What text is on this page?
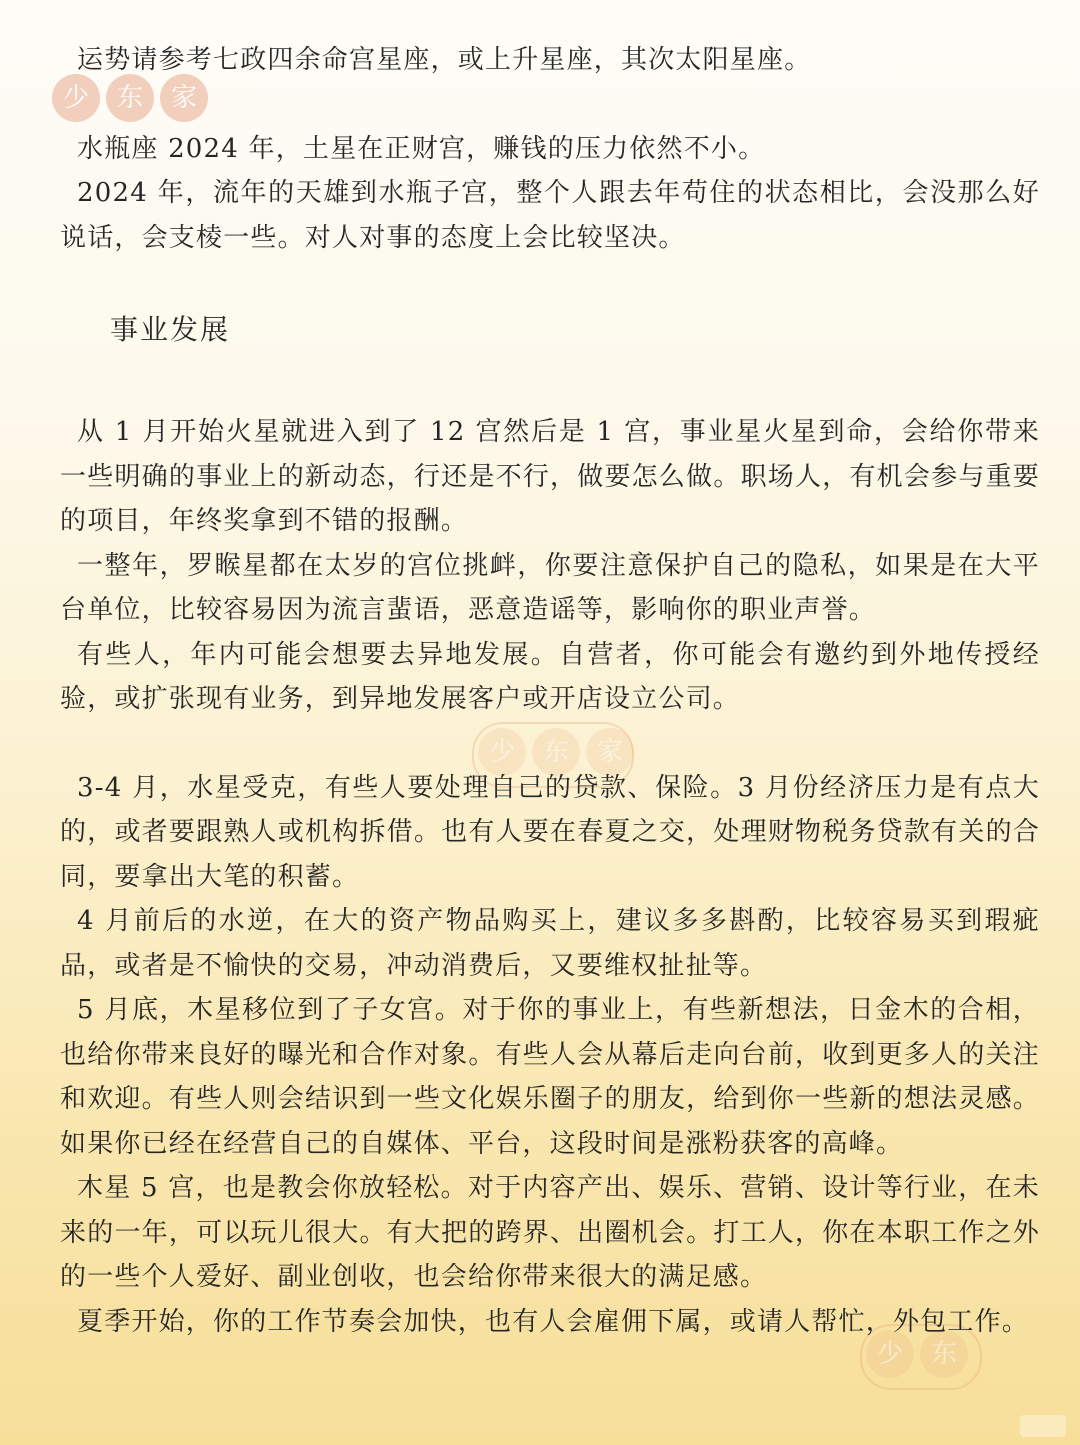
少	东	家
少	东	家
少	东

运势请参考七政四余命宫星座，或上升星座，其次太阳星座。

水瓶座 2024 年，土星在正财宫，赚钱的压力依然不小。

2024 年，流年的天雄到水瓶子宫，整个人跟去年苟住的状态相比，会没那么好说话，会支棱一些。对人对事的态度上会比较坚决。

事业发展

从 1 月开始火星就进入到了 12 宫然后是 1 宫，事业星火星到命，会给你带来一些明确的事业上的新动态，行还是不行，做要怎么做。职场人，有机会参与重要的项目，年终奖拿到不错的报酬。

一整年，罗睺星都在太岁的宫位挑衅，你要注意保护自己的隐私，如果是在大平台单位，比较容易因为流言蜚语，恶意造谣等，影响你的职业声誉。

有些人，年内可能会想要去异地发展。自营者，你可能会有邀约到外地传授经验，或扩张现有业务，到异地发展客户或开店设立公司。

3-4 月，水星受克，有些人要处理自己的贷款、保险。3 月份经济压力是有点大的，或者要跟熟人或机构拆借。也有人要在春夏之交，处理财物税务贷款有关的合同，要拿出大笔的积蓄。

4 月前后的水逆，在大的资产物品购买上，建议多多斟酌，比较容易买到瑕疵品，或者是不愉快的交易，冲动消费后，又要维权扯扯等。

5 月底，木星移位到了子女宫。对于你的事业上，有些新想法，日金木的合相，也给你带来良好的曝光和合作对象。有些人会从幕后走向台前，收到更多人的关注和欢迎。有些人则会结识到一些文化娱乐圈子的朋友，给到你一些新的想法灵感。如果你已经在经营自己的自媒体、平台，这段时间是涨粉获客的高峰。

木星 5 宫，也是教会你放轻松。对于内容产出、娱乐、营销、设计等行业，在未来的一年，可以玩儿很大。有大把的跨界、出圈机会。打工人，你在本职工作之外的一些个人爱好、副业创收，也会给你带来很大的满足感。

夏季开始，你的工作节奏会加快，也有人会雇佣下属，或请人帮忙，外包工作。
